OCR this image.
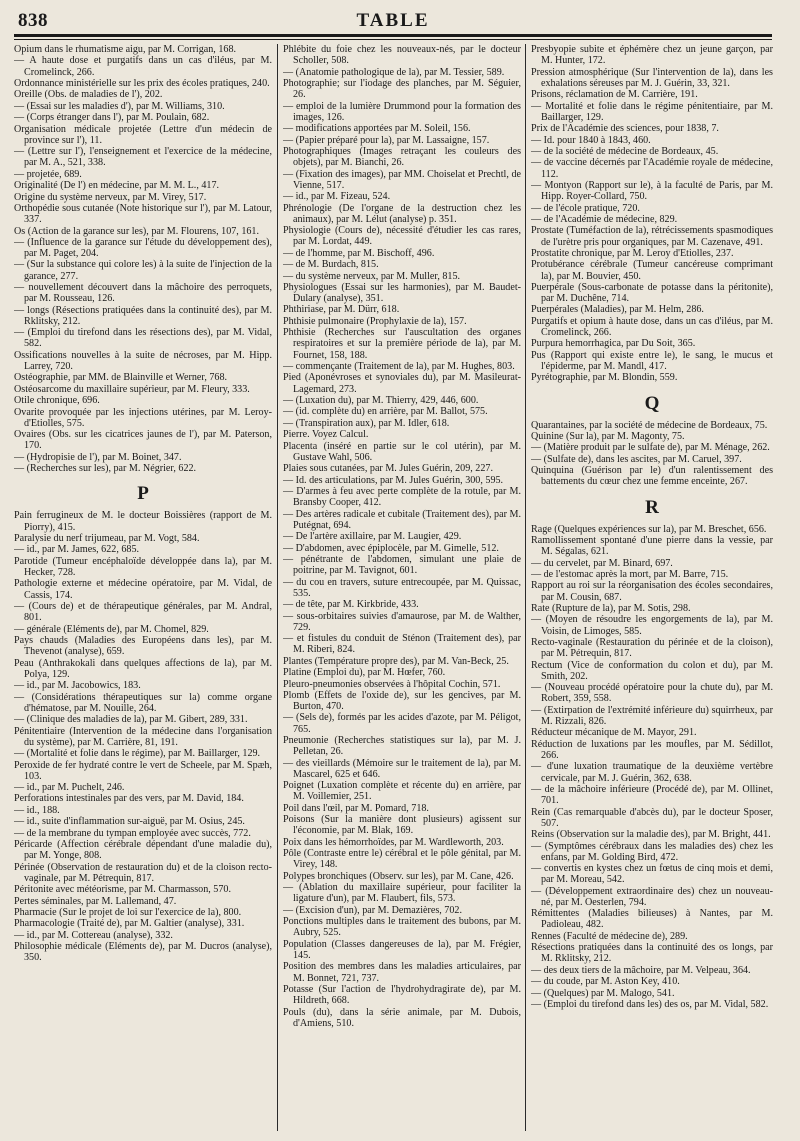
838	TABLE

Opium dans le rhumatisme aigu, par M. Corrigan, 168.

— A haute dose et purgatifs dans un cas d'iléus, par M. Cromelinck, 266.

Ordonnance ministérielle sur les prix des écoles pratiques, 240.

Oreille (Obs. de maladies de l'), 202.

— (Essai sur les maladies d'), par M. Williams, 310.

— (Corps étranger dans l'), par M. Poulain, 682.

Organisation médicale projetée (Lettre d'un médecin de province sur l'), 11.

— (Lettre sur l'), l'enseignement et l'exercice de la médecine, par M. A., 521, 338.

— projetée, 689.

Originalité (De l') en médecine, par M. M. L., 417.

Origine du système nerveux, par M. Virey, 517.

Orthopédie sous cutanée (Note historique sur l'), par M. Latour, 337.

Os (Action de la garance sur les), par M. Flourens, 107, 161.

— (Influence de la garance sur l'étude du développement des), par M. Paget, 204.

— (Sur la substance qui colore les) à la suite de l'injection de la garance, 277.

— nouvellement découvert dans la mâchoire des perroquets, par M. Rousseau, 126.

— longs (Résections pratiquées dans la continuité des), par M. Rklitsky, 212.

— (Emploi du tirefond dans les résections des), par M. Vidal, 582.

Ossifications nouvelles à la suite de nécroses, par M. Hipp. Larrey, 720.

Ostéographie, par MM. de Blainville et Werner, 768.

Ostéosarcome du maxillaire supérieur, par M. Fleury, 333.

Otile chronique, 696.

Ovarite provoquée par les injections utérines, par M. Leroy-d'Etiolles, 575.

Ovaires (Obs. sur les cicatrices jaunes de l'), par M. Paterson, 170.

— (Hydropisie de l'), par M. Boinet, 347.

— (Recherches sur les), par M. Négrier, 622.

P

Pain ferrugineux de M. le docteur Boissières (rapport de M. Piorry), 415.

Paralysie du nerf trijumeau, par M. Vogt, 584.

— id., par M. James, 622, 685.

Parotide (Tumeur encéphaloïde développée dans la), par M. Hecker, 728.

Pathologie externe et médecine opératoire, par M. Vidal, de Cassis, 174.

— (Cours de) et de thérapeutique générales, par M. Andral, 801.

— générale (Eléments de), par M. Chomel, 829.

Pays chauds (Maladies des Européens dans les), par M. Thevenot (analyse), 659.

Peau (Anthrakokali dans quelques affections de la), par M. Polya, 129.

— id., par M. Jacobowics, 183.

— (Considérations thérapeutiques sur la) comme organe d'hématose, par M. Nouille, 264.

— (Clinique des maladies de la), par M. Gibert, 289, 331.

Pénitentiaire (Intervention de la médecine dans l'organisation du système), par M. Carrière, 81, 191.

— (Mortalité et folie dans le régime), par M. Baillarger, 129.

Peroxide de fer hydraté contre le vert de Scheele, par M. Spæh, 103.

— id., par M. Puchelt, 246.

Perforations intestinales par des vers, par M. David, 184.

— id., 188.

— id., suite d'inflammation sur-aiguë, par M. Osius, 245.

— de la membrane du tympan employée avec succès, 772.

Péricarde (Affection cérébrale dépendant d'une maladie du), par M. Yonge, 808.

Périnée (Observation de restauration du) et de la cloison recto-vaginale, par M. Pétrequin, 817.

Péritonite avec météorisme, par M. Charmasson, 570.

Pertes séminales, par M. Lallemand, 47.

Pharmacie (Sur le projet de loi sur l'exercice de la), 800.

Pharmacologie (Traité de), par M. Galtier (analyse), 331.

— id., par M. Cottereau (analyse), 332.

Philosophie médicale (Eléments de), par M. Ducros (analyse), 350.

Phlébite du foie chez les nouveaux-nés, par le docteur Scholler, 508.

— (Anatomie pathologique de la), par M. Tessier, 589.

Photographie; sur l'iodage des planches, par M. Séguier, 26.

— emploi de la lumière Drummond pour la formation des images, 126.

— modifications apportées par M. Soleil, 156.

— (Papier préparé pour la), par M. Lassaigne, 157.

Photographiques (Images retraçant les couleurs des objets), par M. Bianchi, 26.

— (Fixation des images), par MM. Choiselat et Prechtl, de Vienne, 517.

— id., par M. Fizeau, 524.

Phrénologie (De l'organe de la destruction chez les animaux), par M. Lélut (analyse) p. 351.

Physiologie (Cours de), nécessité d'étudier les cas rares, par M. Lordat, 449.

— de l'homme, par M. Bischoff, 496.

— de M. Burdach, 815.

— du système nerveux, par M. Muller, 815.

Physiologues (Essai sur les harmonies), par M. Baudet-Dulary (analyse), 351.

Phthiriase, par M. Dürr, 618.

Phthisie pulmonaire (Prophylaxie de la), 157.

Phthisie (Recherches sur l'auscultation des organes respiratoires et sur la première période de la), par M. Fournet, 158, 188.

— commençante (Traitement de la), par M. Hughes, 803.

Pied (Aponévroses et synoviales du), par M. Masileurat-Lagemard, 273.

— (Luxation du), par M. Thierry, 429, 446, 600.

— (id. complète du) en arrière, par M. Ballot, 575.

— (Transpiration aux), par M. Idler, 618.

Pierre. Voyez Calcul.

Placenta (inséré en partie sur le col utérin), par M. Gustave Wahl, 506.

Plaies sous cutanées, par M. Jules Guérin, 209, 227.

— Id. des articulations, par M. Jules Guérin, 300, 595.

— D'armes à feu avec perte complète de la rotule, par M. Bransby Cooper, 412.

— Des artères radicale et cubitale (Traitement des), par M. Putégnat, 694.

— De l'artère axillaire, par M. Laugier, 429.

— D'abdomen, avec épiplocèle, par M. Gimelle, 512.

— pénétrante de l'abdomen, simulant une plaie de poitrine, par M. Tavignot, 601.

— du cou en travers, suture entrecoupée, par M. Quissac, 535.

— de tête, par M. Kirkbride, 433.

— sous-orbitaires suivies d'amaurose, par M. de Walther, 729.

— et fistules du conduit de Sténon (Traitement des), par M. Riberi, 824.

Plantes (Température propre des), par M. Van-Beck, 25.

Platine (Emploi du), par M. Hœfer, 760.

Pleuro-pneumonies observées à l'hôpital Cochin, 571.

Plomb (Effets de l'oxide de), sur les gencives, par M. Burton, 470.

— (Sels de), formés par les acides d'azote, par M. Péligot, 765.

Pneumonie (Recherches statistiques sur la), par M. J. Pelletan, 26.

— des vieillards (Mémoire sur le traitement de la), par M. Mascarel, 625 et 646.

Poignet (Luxation complète et récente du) en arrière, par M. Voillemier, 251.

Poil dans l'œil, par M. Pomard, 718.

Poisons (Sur la manière dont plusieurs) agissent sur l'économie, par M. Blak, 169.

Poix dans les hémorrhoïdes, par M. Wardleworth, 203.

Pôle (Contraste entre le) cérébral et le pôle génital, par M. Virey, 148.

Polypes bronchiques (Observ. sur les), par M. Cane, 426.

— (Ablation du maxillaire supérieur, pour faciliter la ligature d'un), par M. Flaubert, fils, 573.

— (Excision d'un), par M. Demazières, 702.

Ponctions multiples dans le traitement des bubons, par M. Aubry, 525.

Population (Classes dangereuses de la), par M. Frégier, 145.

Position des membres dans les maladies articulaires, par M. Bonnet, 721, 737.

Potasse (Sur l'action de l'hydrohydragirate de), par M. Hildreth, 668.

Pouls (du), dans la série animale, par M. Dubois, d'Amiens, 510.

Presbyopie subite et éphémère chez un jeune garçon, par M. Hunter, 172.

Pression atmosphérique (Sur l'intervention de la), dans les exhalations séreuses par M. J. Guérin, 33, 321.

Prisons, réclamation de M. Carrière, 191.

— Mortalité et folie dans le régime pénitentiaire, par M. Baillarger, 129.

Prix de l'Académie des sciences, pour 1838, 7.

— Id. pour 1840 à 1843, 460.

— de la société de médecine de Bordeaux, 45.

— de vaccine décernés par l'Académie royale de médecine, 112.

— Montyon (Rapport sur le), à la faculté de Paris, par M. Hipp. Royer-Collard, 750.

— de l'école pratique, 720.

— de l'Académie de médecine, 829.

Prostate (Tuméfaction de la), rétrécissements spasmodiques de l'urètre pris pour organiques, par M. Cazenave, 491.

Prostatite chronique, par M. Leroy d'Etiolles, 237.

Protubérance cérébrale (Tumeur cancéreuse comprimant la), par M. Bouvier, 450.

Puerpérale (Sous-carbonate de potasse dans la péritonite), par M. Duchêne, 714.

Puerpérales (Maladies), par M. Helm, 286.

Purgatifs et opium à haute dose, dans un cas d'iléus, par M. Cromelinck, 266.

Purpura hemorrhagica, par Du Soit, 365.

Pus (Rapport qui existe entre le), le sang, le mucus et l'épiderme, par M. Mandl, 417.

Pyrétographie, par M. Blondin, 559.

Q

Quarantaines, par la société de médecine de Bordeaux, 75.

Quinine (Sur la), par M. Magonty, 75.

— (Matière produit par le sulfate de), par M. Ménage, 262.

— (Sulfate de), dans les ascites, par M. Caruel, 397.

Quinquina (Guérison par le) d'un ralentissement des battements du cœur chez une femme enceinte, 267.

R

Rage (Quelques expériences sur la), par M. Breschet, 656.

Ramollissement spontané d'une pierre dans la vessie, par M. Ségalas, 621.

— du cervelet, par M. Binard, 697.

— de l'estomac après la mort, par M. Barre, 715.

Rapport au roi sur la réorganisation des écoles secondaires, par M. Cousin, 687.

Rate (Rupture de la), par M. Sotis, 298.

— (Moyen de résoudre les engorgements de la), par M. Voisin, de Limoges, 585.

Recto-vaginale (Restauration du périnée et de la cloison), par M. Pétrequin, 817.

Rectum (Vice de conformation du colon et du), par M. Smith, 202.

— (Nouveau procédé opératoire pour la chute du), par M. Robert, 359, 558.

— (Extirpation de l'extrémité inférieure du) squirrheux, par M. Rizzali, 826.

Réducteur mécanique de M. Mayor, 291.

Réduction de luxations par les moufles, par M. Sédillot, 266.

— d'une luxation traumatique de la deuxième vertèbre cervicale, par M. J. Guérin, 362, 638.

— de la mâchoire inférieure (Procédé de), par M. Ollinet, 701.

Rein (Cas remarquable d'abcès du), par le docteur Sposer, 507.

Reins (Observation sur la maladie des), par M. Bright, 441.

— (Symptômes cérébraux dans les maladies des) chez les enfans, par M. Golding Bird, 472.

— convertis en kystes chez un fœtus de cinq mois et demi, par M. Moreau, 542.

— (Développement extraordinaire des) chez un nouveau-né, par M. Oesterlen, 794.

Rémittentes (Maladies bilieuses) à Nantes, par M. Padioleau, 482.

Rennes (Faculté de médecine de), 289.

Résections pratiquées dans la continuité des os longs, par M. Rklitsky, 212.

— des deux tiers de la mâchoire, par M. Velpeau, 364.

— du coude, par M. Aston Key, 410.

— (Quelques) par M. Malogo, 541.

— (Emploi du tirefond dans les) des os, par M. Vidal, 582.
